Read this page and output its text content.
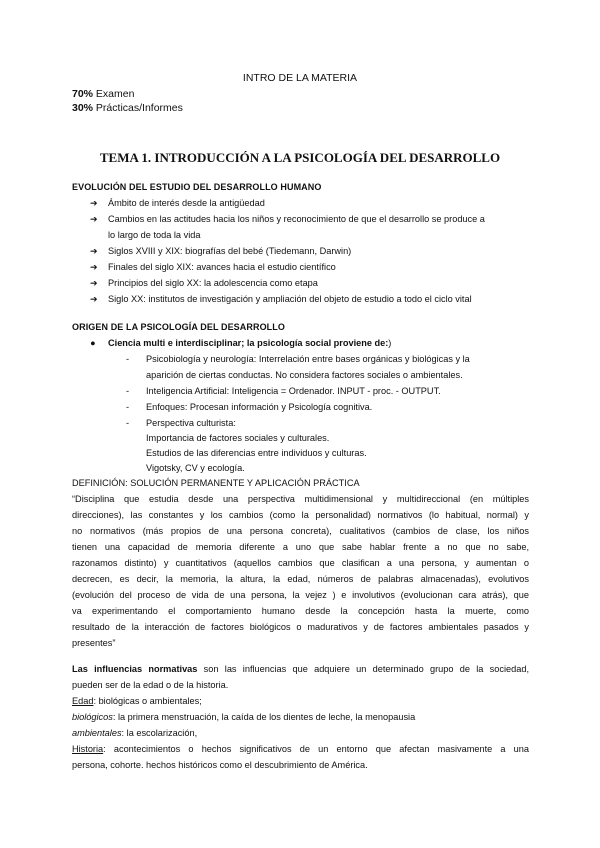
INTRO DE LA MATERIA
70% Examen
30% Prácticas/Informes
TEMA 1. INTRODUCCIÓN A LA PSICOLOGÍA DEL DESARROLLO
EVOLUCIÓN DEL ESTUDIO DEL DESARROLLO HUMANO
➔ Ámbito de interés desde la antigüedad
➔ Cambios en las actitudes hacia los niños y reconocimiento de que el desarrollo se produce a
lo largo de toda la vida
➔ Siglos XVIII y XIX: biografías del bebé (Tiedemann, Darwin)
➔ Finales del siglo XIX: avances hacia el estudio científico
➔ Principios del siglo XX: la adolescencia como etapa
➔ Siglo XX: institutos de investigación y ampliación del objeto de estudio a todo el ciclo vital
ORIGEN DE LA PSICOLOGÍA DEL DESARROLLO
● Ciencia multi e interdisciplinar; la psicología social proviene de:)
- Psicobiología y neurología: Interrelación entre bases orgánicas y biológicas y la
aparición de ciertas conductas. No considera factores sociales o ambientales.
- Inteligencia Artificial: Inteligencia = Ordenador. INPUT - proc. - OUTPUT.
- Enfoques: Procesan información y Psicología cognitiva.
- Perspectiva culturista:
Importancia de factores sociales y culturales.
Estudios de las diferencias entre individuos y culturas.
Vigotsky, CV y ecología.
DEFINICIÓN: SOLUCIÓN PERMANENTE Y APLICACIÓN PRÁCTICA
“Disciplina que estudia desde una perspectiva multidimensional y multidireccional (en múltiples
direcciones), las constantes y los cambios (como la personalidad) normativos (lo habitual, normal) y
no normativos (más propios de una persona concreta), cualitativos (cambios de clase, los niños
tienen una capacidad de memoria diferente a uno que sabe hablar frente a no que no sabe,
razonamos distinto) y cuantitativos (aquellos cambios que clasifican a una persona, y aumentan o
decrecen, es decir, la memoria, la altura, la edad, números de palabras almacenadas), evolutivos
(evolución del proceso de vida de una persona, la vejez ) e involutivos (evolucionan cara atrás), que
va experimentando el comportamiento humano desde la concepción hasta la muerte, como
resultado de la interacción de factores biológicos o madurativos y de factores ambientales pasados y
presentes”
Las influencias normativas son las influencias que adquiere un determinado grupo de la sociedad,
pueden ser de la edad o de la historia.
Edad: biológicas o ambientales;
biológicos: la primera menstruación, la caída de los dientes de leche, la menopausia
ambientales: la escolarización,
Historia: acontecimientos o hechos significativos de un entorno que afectan masivamente a una
persona, cohorte. hechos históricos como el descubrimiento de América.
